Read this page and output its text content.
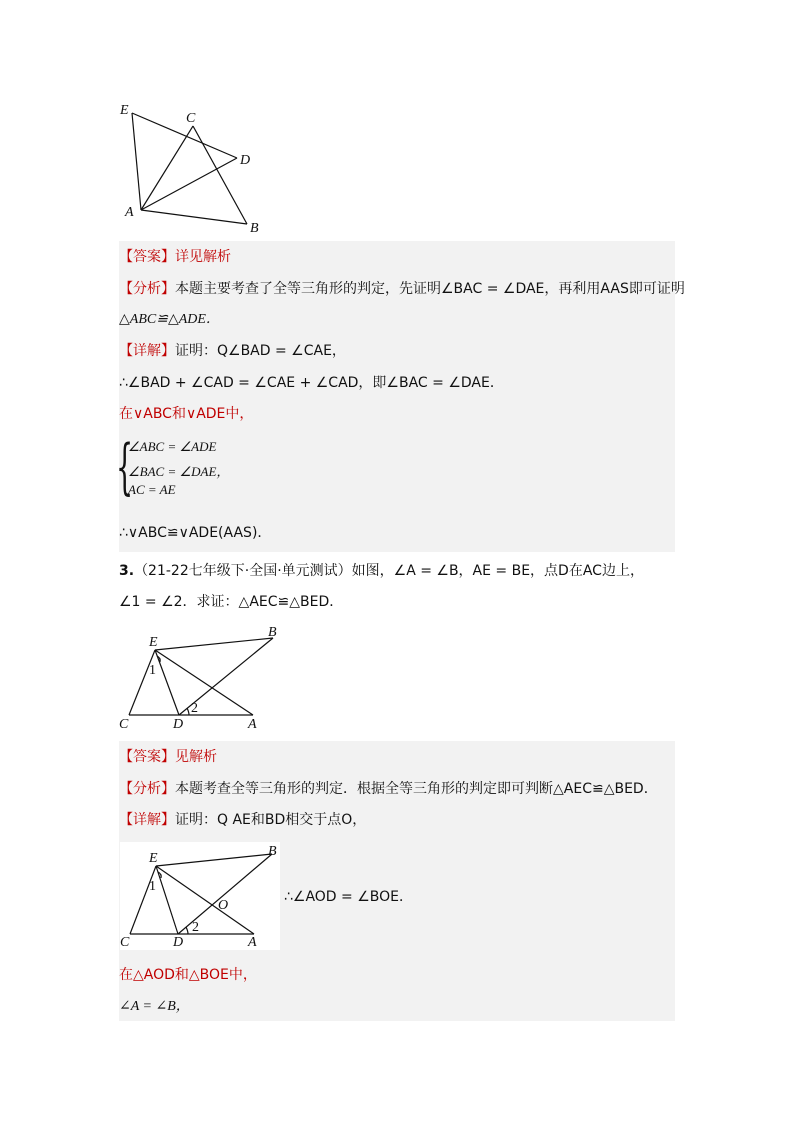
E
C
D
A
B
【答案】详见解析
【分析】本题主要考查了全等三角形的判定，先证明∠BAC = ∠DAE，再利用AAS即可证明
△ABC≌△ADE．
【详解】证明：Q∠BAD = ∠CAE，
∴∠BAD + ∠CAD = ∠CAE + ∠CAD，即∠BAC = ∠DAE．
在∨ABC和∨ADE中，
{
∠ABC = ∠ADE
∠BAC = ∠DAE，
AC = AE
∴∨ABC≌∨ADE(AAS)．
3.（21-22七年级下·全国·单元测试）如图，∠A = ∠B，AE = BE，点D在AC边上，
∠1 = ∠2．求证：△AEC≌△BED．
E
B
1
2
C	D	A
【答案】见解析
【分析】本题考查全等三角形的判定．根据全等三角形的判定即可判断△AEC≌△BED．
【详解】证明：Q AE和BD相交于点O，
E	B
1
O
2
C	D	A
∴∠AOD = ∠BOE．
在△AOD和△BOE中，
∠A = ∠B，
